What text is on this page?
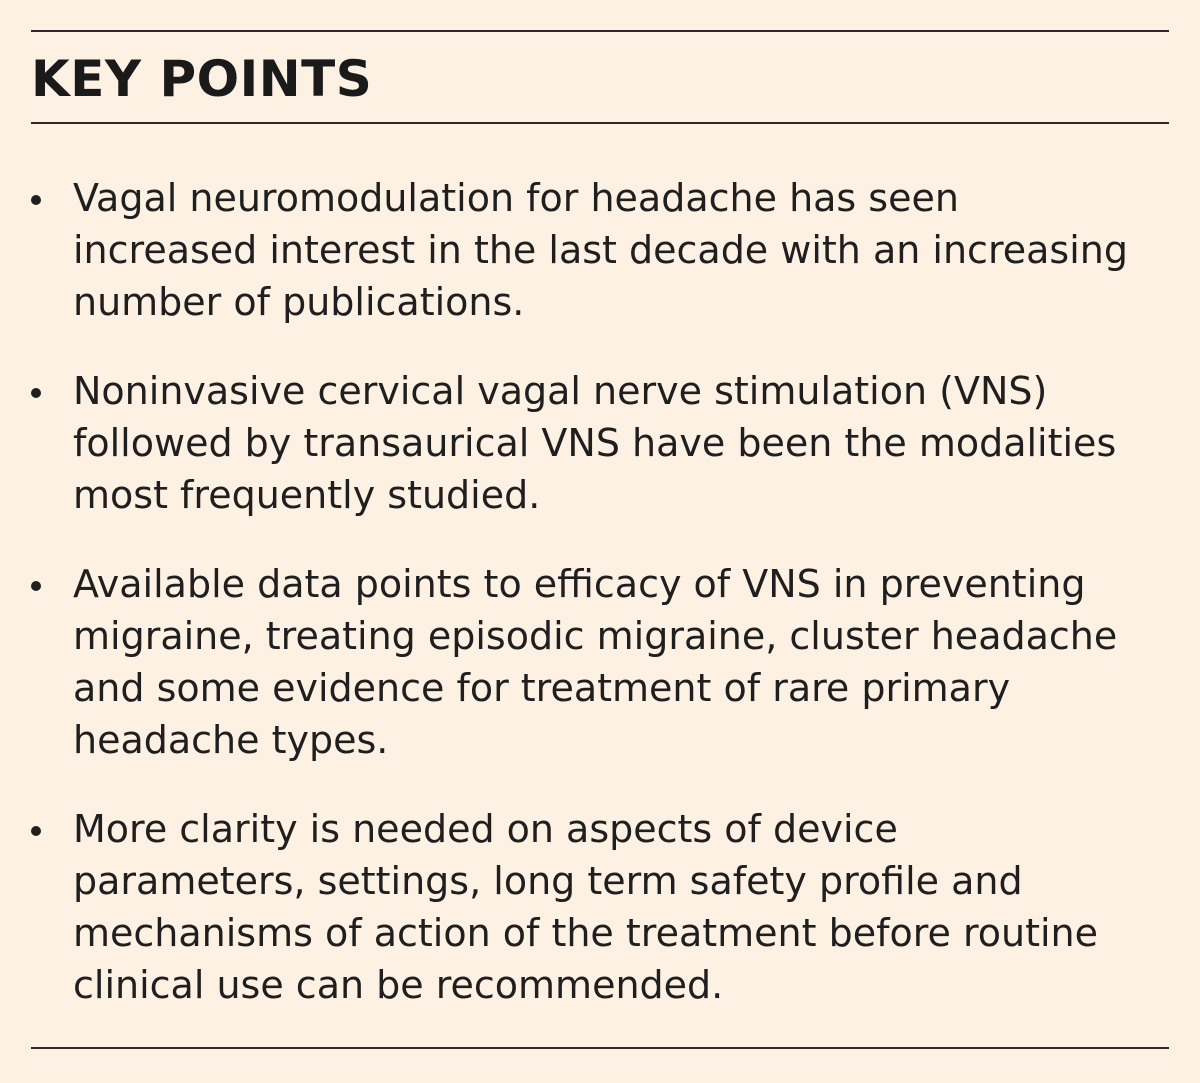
KEY POINTS
Vagal neuromodulation for headache has seen
increased interest in the last decade with an increasing
number of publications.
Noninvasive cervical vagal nerve stimulation (VNS)
followed by transaurical VNS have been the modalities
most frequently studied.
Available data points to efficacy of VNS in preventing
migraine, treating episodic migraine, cluster headache
and some evidence for treatment of rare primary
headache types.
More clarity is needed on aspects of device
parameters, settings, long term safety profile and
mechanisms of action of the treatment before routine
clinical use can be recommended.
